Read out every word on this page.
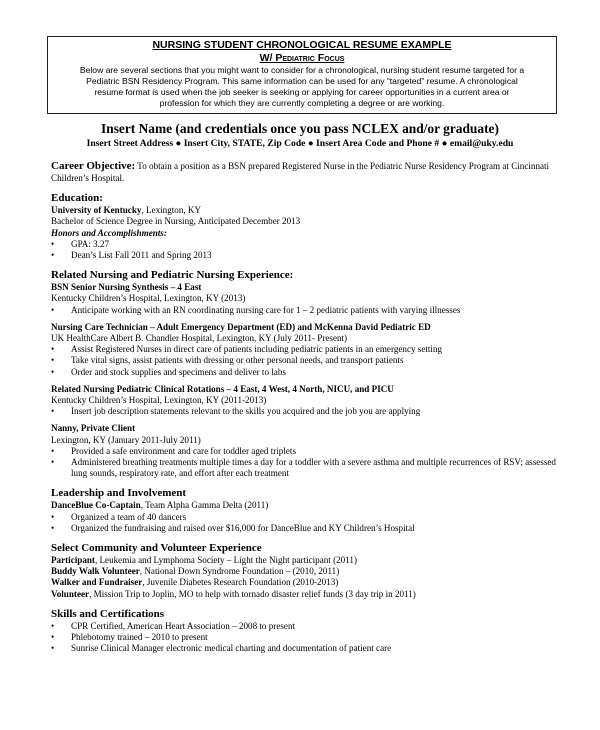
NURSING STUDENT CHRONOLOGICAL RESUME EXAMPLE
W/ Pediatric Focus
Below are several sections that you might want to consider for a chronological, nursing student resume targeted for a Pediatric BSN Residency Program. This same information can be used for any “targeted” resume. A chronological resume format is used when the job seeker is seeking or applying for career opportunities in a current area or profession for which they are currently completing a degree or are working.
Insert Name (and credentials once you pass NCLEX and/or graduate)
Insert Street Address ● Insert City, STATE, Zip Code ● Insert Area Code and Phone # ● email@uky.edu
Career Objective: To obtain a position as a BSN prepared Registered Nurse in the Pediatric Nurse Residency Program at Cincinnati Children’s Hospital.
Education:
University of Kentucky, Lexington, KY
Bachelor of Science Degree in Nursing, Anticipated December 2013
Honors and Accomplishments:
• GPA: 3.27
• Dean’s List Fall 2011 and Spring 2013
Related Nursing and Pediatric Nursing Experience:
BSN Senior Nursing Synthesis – 4 East
Kentucky Children’s Hospital, Lexington, KY (2013)
• Anticipate working with an RN coordinating nursing care for 1 – 2 pediatric patients with varying illnesses
Nursing Care Technician – Adult Emergency Department (ED) and McKenna David Pediatric ED
UK HealthCare Albert B. Chandler Hospital, Lexington, KY (July 2011- Present)
• Assist Registered Nurses in direct care of patients including pediatric patients in an emergency setting
• Take vital signs, assist patients with dressing or other personal needs, and transport patients
• Order and stock supplies and specimens and deliver to labs
Related Nursing Pediatric Clinical Rotations – 4 East, 4 West, 4 North, NICU, and PICU
Kentucky Children’s Hospital, Lexington, KY (2011-2013)
• Insert job description statements relevant to the skills you acquired and the job you are applying
Nanny, Private Client
Lexington, KY (January 2011-July 2011)
• Provided a safe environment and care for toddler aged triplets
• Administered breathing treatments multiple times a day for a toddler with a severe asthma and multiple recurrences of RSV; assessed lung sounds, respiratory rate, and effort after each treatment
Leadership and Involvement
DanceBlue Co-Captain, Team Alpha Gamma Delta (2011)
• Organized a team of 40 dancers
• Organized the fundraising and raised over $16,000 for DanceBlue and KY Children’s Hospital
Select Community and Volunteer Experience
Participant, Leukemia and Lymphoma Society – Light the Night participant (2011)
Buddy Walk Volunteer, National Down Syndrome Foundation – (2010, 2011)
Walker and Fundraiser, Juvenile Diabetes Research Foundation (2010-2013)
Volunteer, Mission Trip to Joplin, MO to help with tornado disaster relief funds (3 day trip in 2011)
Skills and Certifications
• CPR Certified, American Heart Association – 2008 to present
• Phlebotomy trained – 2010 to present
• Sunrise Clinical Manager electronic medical charting and documentation of patient care
